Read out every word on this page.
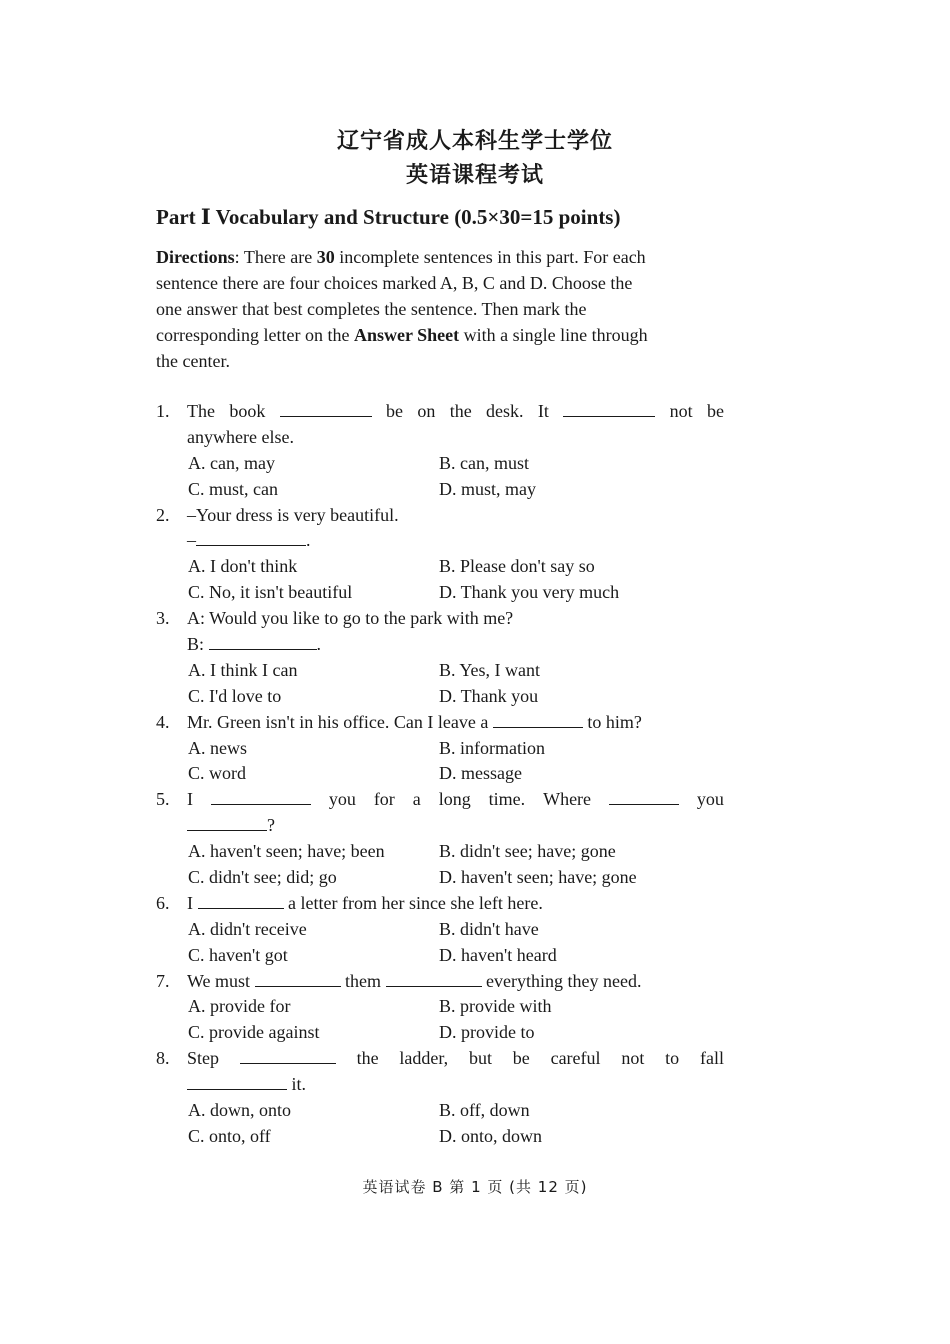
辽宁省成人本科生学士学位
英语课程考试
Part Ⅰ Vocabulary and Structure (0.5×30=15 points)
Directions: There are 30 incomplete sentences in this part. For each
sentence there are four choices marked A, B, C and D. Choose the
one answer that best completes the sentence. Then mark the
corresponding letter on the Answer Sheet with a single line through
the center.
1. The book	be on the desk. It	not be
anywhere else.
A. can, may	B. can, must
C. must, can	D. must, may
2. –Your dress is very beautiful.
–	.
A. I don't think	B. Please don't say so
C. No, it isn't beautiful	D. Thank you very much
3. A: Would you like to go to the park with me?
B:	.
A. I think I can	B. Yes, I want
C. I'd love to	D. Thank you
4. Mr. Green isn't in his office. Can I leave a	to him?
A. news	B. information
C. word	D. message
5. I	you for a long time. Where	you
?
A. haven't seen; have; been	B. didn't see; have; gone
C. didn't see; did; go	D. haven't seen; have; gone
6. I	a letter from her since she left here.
A. didn't receive	B. didn't have
C. haven't got	D. haven't heard
7. We must	them	everything they need.
A. provide for	B. provide with
C. provide against	D. provide to
8. Step	the ladder, but be careful not to fall
it.
A. down, onto	B. off, down
C. onto, off	D. onto, down
英语试卷 B 第 1 页 (共 12 页)
